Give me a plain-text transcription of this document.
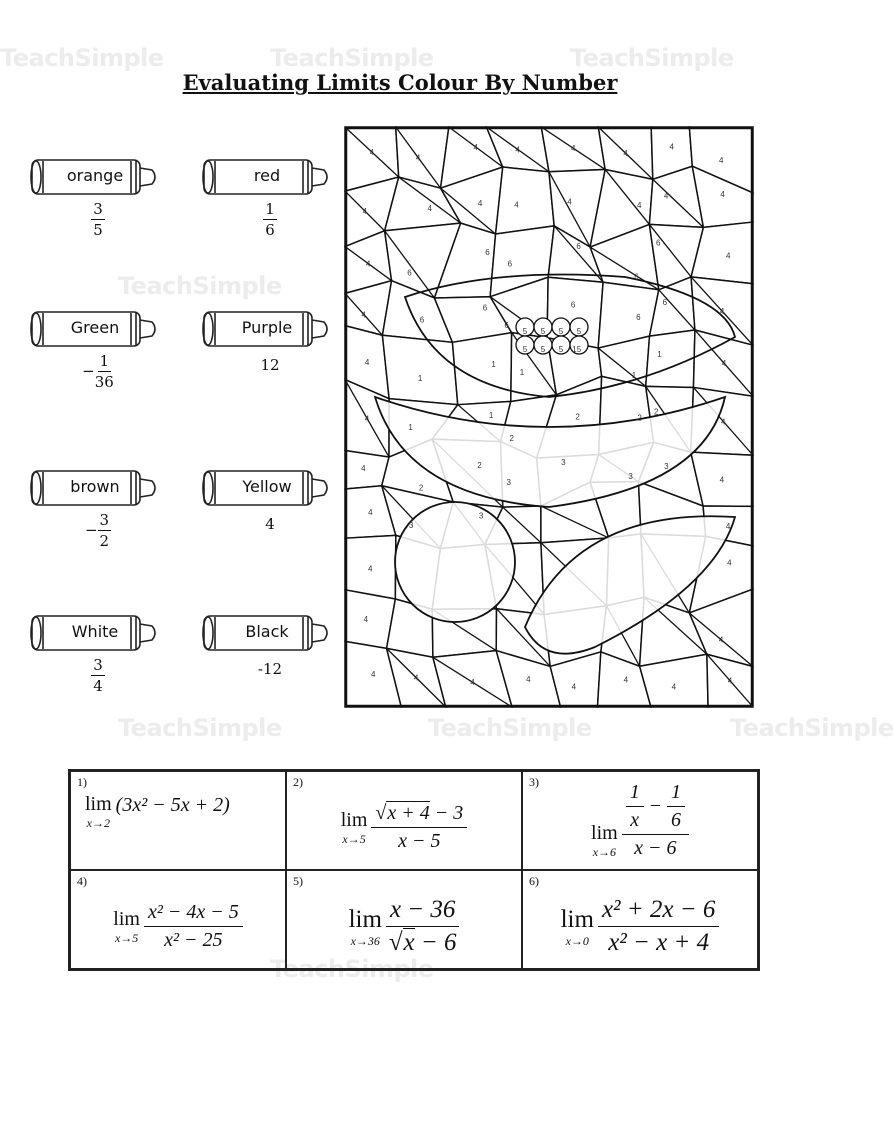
TeachSimple	TeachSimple	TeachSimple
TeachSimple
TeachSimple	TeachSimple	TeachSimple
TeachSimple
Evaluating Limits Colour By Number
orange
$\frac{3}{5}$
red
$\frac{1}{6}$
Green
− $\frac{1}{36}$
Purple
12
brown
− $\frac{3}{2}$
Yellow
4
White
$\frac{3}{4}$
Black
-12
4
4
4	4	4
4
4
4
4
4
4
4
4	4
4	4
4	4
4
4
4
4
4
4
4
4
4	4	4	4
4
4
4
4
4
4	4	4	4
4
6
6
6
6
6
6
6
6
6
6
6
6
5 5 5 5
5 5 5 5
1
1
1
1
1
1
1
1
2
2	2
2
2
2
3
3
3
3
3
3
1)
lim
x→2
(3x² − 5x + 2)
2)
lim
x→5
√x + 4 − 3
x − 5
3)
lim
x→6
1
x
−
1
6
x − 6
4)
lim
$x\to 5 \frac{\text{x² − 4x − 5}}{\text{x² − 25}}$
5)
lim
x→36
x − 36
√x − 6
6)
lim
$x\to 0 \frac{\text{x² + 2x − 6}}{\text{x² − x + 4}}$
